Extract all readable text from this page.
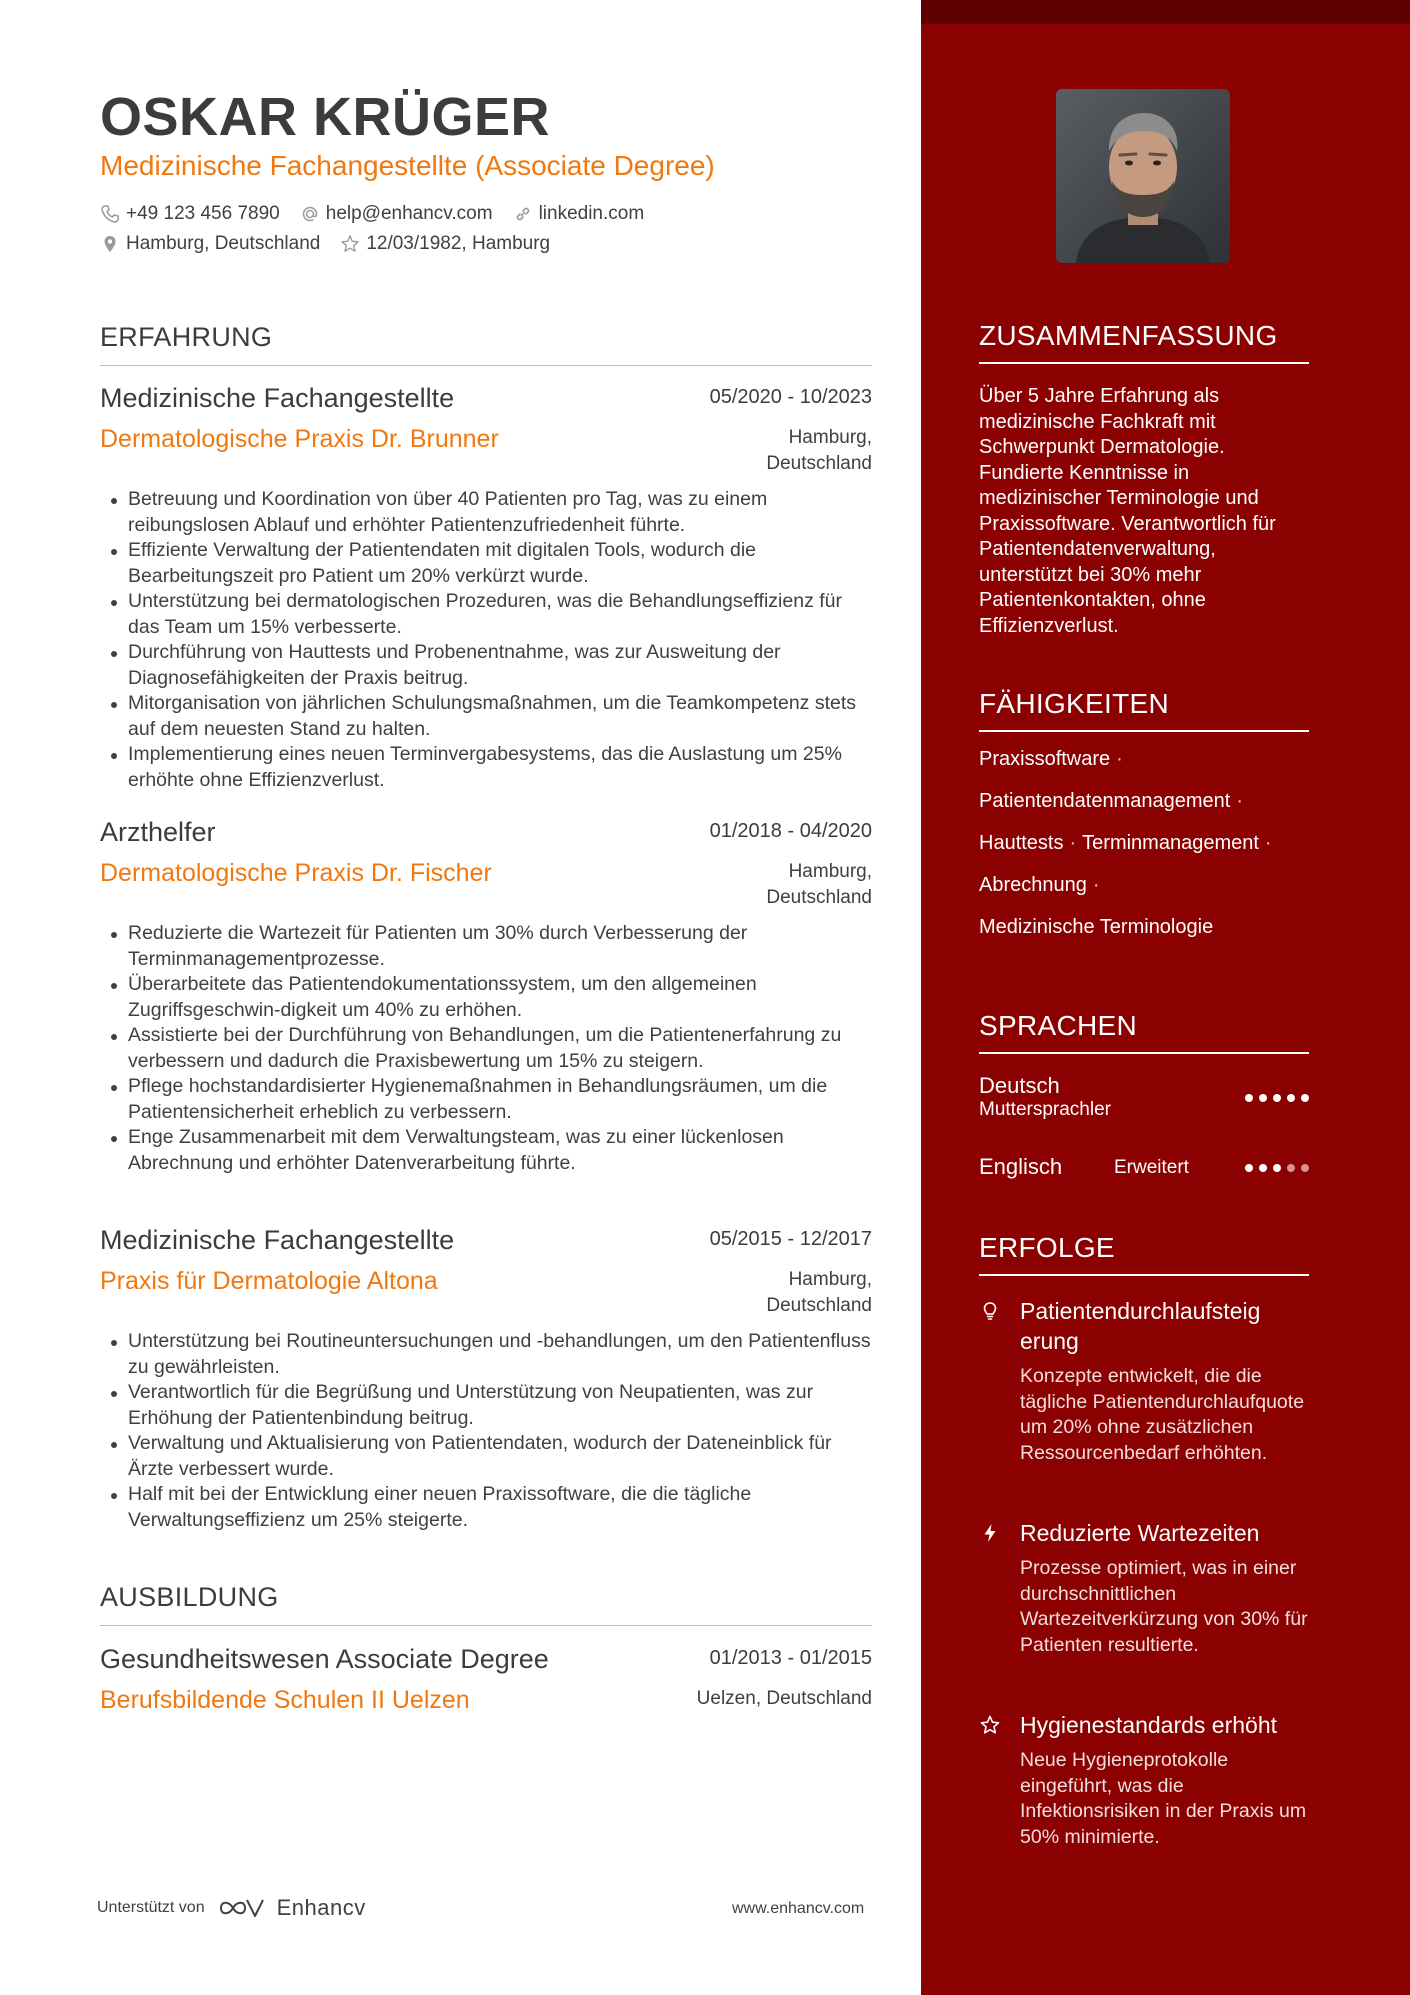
OSKAR KRÜGER
Medizinische Fachangestellte (Associate Degree)
+49 123 456 7890 help@enhancv.com linkedin.com
Hamburg, Deutschland 12/03/1982, Hamburg
ERFAHRUNG
Medizinische Fachangestellte	05/2020 - 10/2023
Dermatologische Praxis Dr. Brunner	Hamburg, Deutschland
Betreuung und Koordination von über 40 Patienten pro Tag, was zu einem reibungslosen Ablauf und erhöhter Patientenzufriedenheit führte.
Effiziente Verwaltung der Patientendaten mit digitalen Tools, wodurch die Bearbeitungszeit pro Patient um 20% verkürzt wurde.
Unterstützung bei dermatologischen Prozeduren, was die Behandlungseffizienz für das Team um 15% verbesserte.
Durchführung von Hauttests und Probenentnahme, was zur Ausweitung der Diagnosefähigkeiten der Praxis beitrug.
Mitorganisation von jährlichen Schulungsmaßnahmen, um die Teamkompetenz stets auf dem neuesten Stand zu halten.
Implementierung eines neuen Terminvergabesystems, das die Auslastung um 25% erhöhte ohne Effizienzverlust.
Arzthelfer	01/2018 - 04/2020
Dermatologische Praxis Dr. Fischer	Hamburg, Deutschland
Reduzierte die Wartezeit für Patienten um 30% durch Verbesserung der Terminmanagementprozesse.
Überarbeitete das Patientendokumentationssystem, um den allgemeinen Zugriffsgeschwin-digkeit um 40% zu erhöhen.
Assistierte bei der Durchführung von Behandlungen, um die Patientenerfahrung zu verbessern und dadurch die Praxisbewertung um 15% zu steigern.
Pflege hochstandardisierter Hygienemaßnahmen in Behandlungsräumen, um die Patientensicherheit erheblich zu verbessern.
Enge Zusammenarbeit mit dem Verwaltungsteam, was zu einer lückenlosen Abrechnung und erhöhter Datenverarbeitung führte.
Medizinische Fachangestellte	05/2015 - 12/2017
Praxis für Dermatologie Altona	Hamburg, Deutschland
Unterstützung bei Routineuntersuchungen und -behandlungen, um den Patientenfluss zu gewährleisten.
Verantwortlich für die Begrüßung und Unterstützung von Neupatienten, was zur Erhöhung der Patientenbindung beitrug.
Verwaltung und Aktualisierung von Patientendaten, wodurch der Dateneinblick für Ärzte verbessert wurde.
Half mit bei der Entwicklung einer neuen Praxissoftware, die die tägliche Verwaltungseffizienz um 25% steigerte.
AUSBILDUNG
Gesundheitswesen Associate Degree	01/2013 - 01/2015
Berufsbildende Schulen II Uelzen	Uelzen, Deutschland
Unterstützt von	Enhancv	www.enhancv.com
ZUSAMMENFASSUNG
Über 5 Jahre Erfahrung als medizinische Fachkraft mit Schwerpunkt Dermatologie. Fundierte Kenntnisse in medizinischer Terminologie und Praxissoftware. Verantwortlich für Patientendatenverwaltung, unterstützt bei 30% mehr Patientenkontakten, ohne Effizienzverlust.
FÄHIGKEITEN
Praxissoftware ·
Patientendatenmanagement ·
Hauttests · Terminmanagement ·
Abrechnung ·
Medizinische Terminologie
SPRACHEN
Deutsch
Muttersprachler
Englisch	Erweitert
ERFOLGE
Patientendurchlaufsteig erung
Konzepte entwickelt, die die tägliche Patientendurchlaufquote um 20% ohne zusätzlichen Ressourcenbedarf erhöhten.
Reduzierte Wartezeiten
Prozesse optimiert, was in einer durchschnittlichen Wartezeitverkürzung von 30% für Patienten resultierte.
Hygienestandards erhöht
Neue Hygieneprotokolle eingeführt, was die Infektionsrisiken in der Praxis um 50% minimierte.
